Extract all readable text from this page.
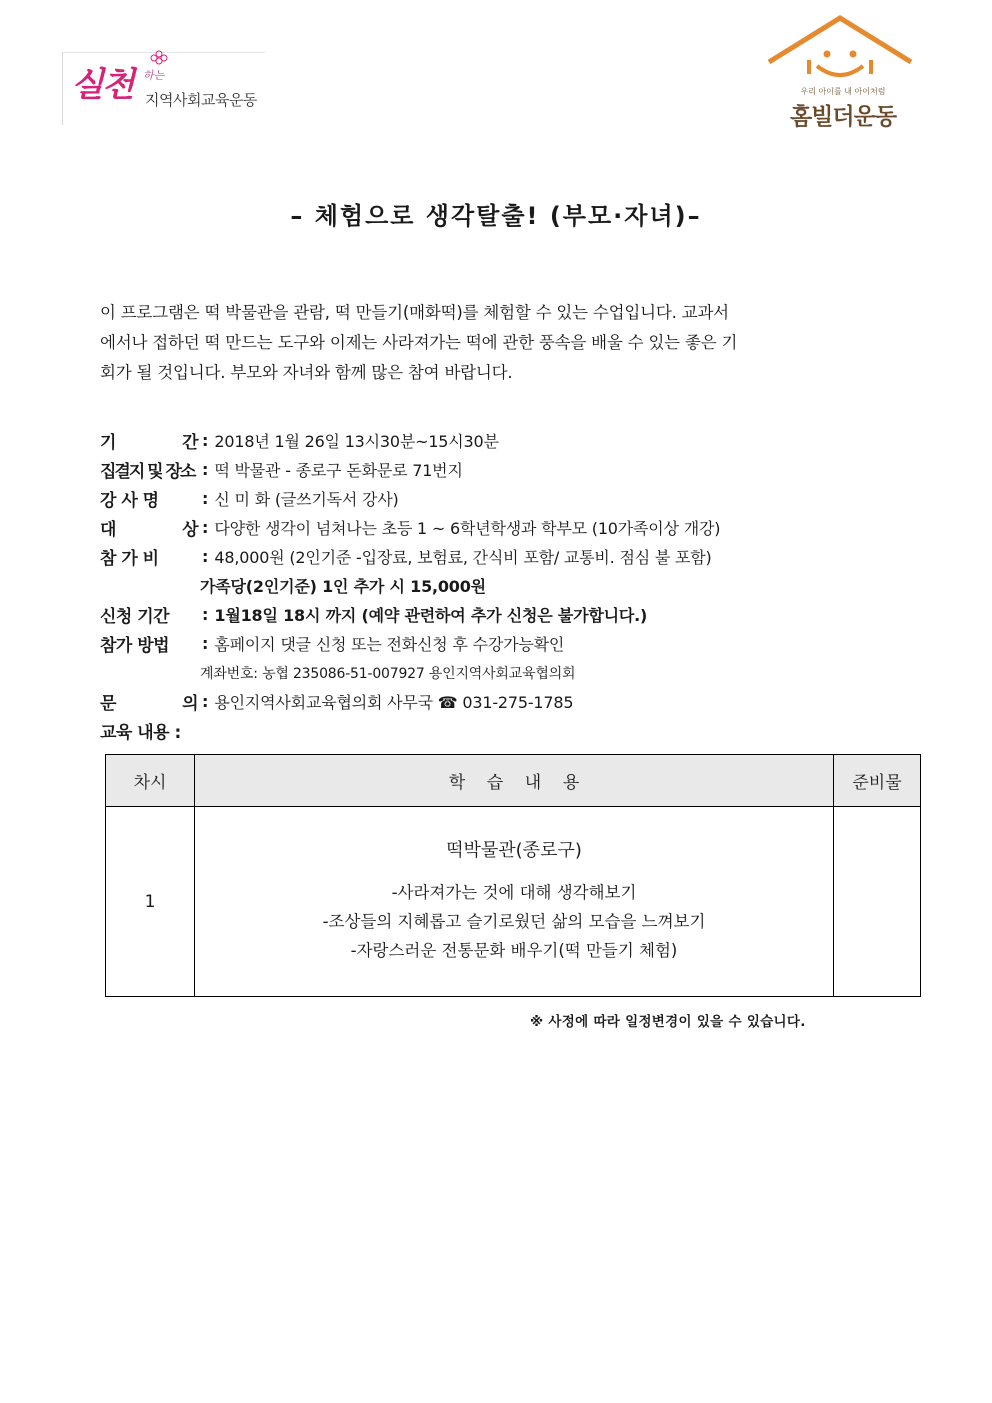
실천 하는
지역사회교육운동	우리 아이를 내 아이처럼
홈빌더운동
– 체험으로 생각탈출! (부모·자녀)–

이 프로그램은 떡 박물관을 관람, 떡 만들기(매화떡)를 체험할 수 있는 수업입니다. 교과서

에서나 접하던 떡 만드는 도구와 이제는 사라져가는 떡에 관한 풍속을 배울 수 있는 좋은 기

회가 될 것입니다. 부모와 자녀와 함께 많은 참여 바랍니다.

기	간 : 2018년 1월 26일 13시30분~15시30분
집결지 및 장소 : 떡 박물관 - 종로구 돈화문로 71번지
강 사 명	: 신 미 화 (글쓰기독서 강사)
대	상 : 다양한 생각이 넘쳐나는 초등 1 ~ 6학년학생과 학부모 (10가족이상 개강)
참 가 비	: 48,000원 (2인기준 -입장료, 보험료, 간식비 포함/ 교통비. 점심 불 포함)
가족당(2인기준) 1인 추가 시 15,000원
신청 기간	: 1월18일 18시 까지 (예약 관련하여 추가 신청은 불가합니다.)
참가 방법	: 홈페이지 댓글 신청 또는 전화신청 후 수강가능확인
계좌번호: 농협 235086-51-007927 용인지역사회교육협의회
문	의 : 용인지역사회교육협의회 사무국 ☎ 031-275-1785
교육 내용 :
차시	학    습    내    용	준비물
1	떡박물관(종로구)
-사라져가는 것에 대해 생각해보기
-조상들의 지혜롭고 슬기로웠던 삶의 모습을 느껴보기
-자랑스러운 전통문화 배우기(떡 만들기 체험)	

※ 사정에 따라 일정변경이 있을 수 있습니다.
